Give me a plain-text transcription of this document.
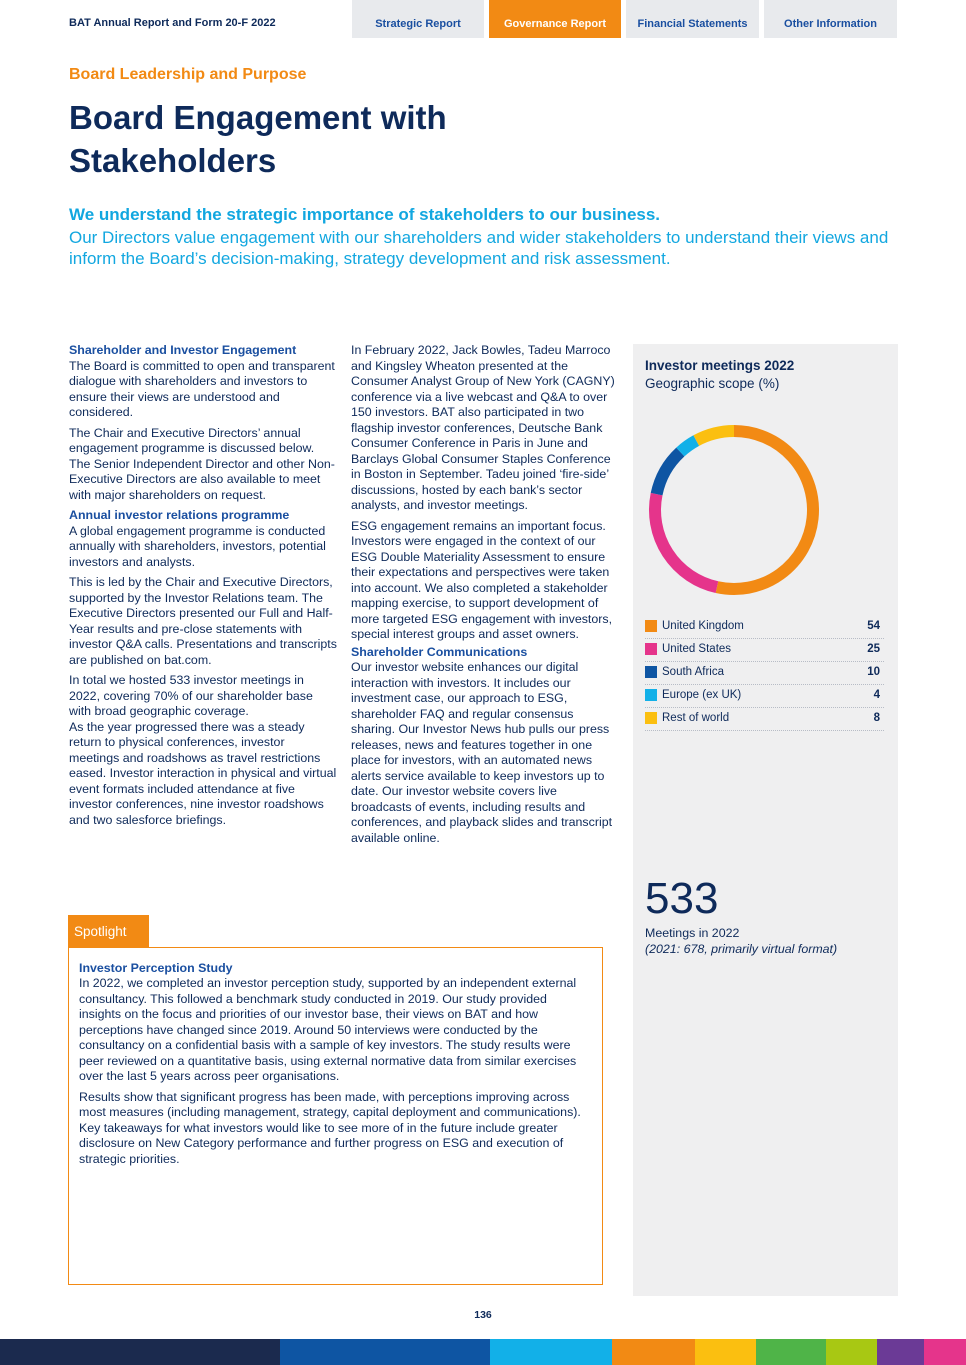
BAT Annual Report and Form 20-F 2022	Strategic Report	Governance Report	Financial Statements	Other Information
Board Leadership and Purpose
Board Engagement with Stakeholders
We understand the strategic importance of stakeholders to our business.
Our Directors value engagement with our shareholders and wider stakeholders to understand their views and inform the Board’s decision-making, strategy development and risk assessment.
Shareholder and Investor Engagement

The Board is committed to open and transparent dialogue with shareholders and investors to ensure their views are understood and considered.

The Chair and Executive Directors’ annual engagement programme is discussed below. The Senior Independent Director and other Non-Executive Directors are also available to meet with major shareholders on request.

Annual investor relations programme

A global engagement programme is conducted annually with shareholders, investors, potential investors and analysts.

This is led by the Chair and Executive Directors, supported by the Investor Relations team. The Executive Directors presented our Full and Half-Year results and pre-close statements with investor Q&A calls. Presentations and transcripts are published on bat.com.

In total we hosted 533 investor meetings in 2022, covering 70% of our shareholder base with broad geographic coverage.

As the year progressed there was a steady return to physical conferences, investor meetings and roadshows as travel restrictions eased. Investor interaction in physical and virtual event formats included attendance at five investor conferences, nine investor roadshows and two salesforce briefings.

In February 2022, Jack Bowles, Tadeu Marroco and Kingsley Wheaton presented at the Consumer Analyst Group of New York (CAGNY) conference via a live webcast and Q&A to over 150 investors. BAT also participated in two flagship investor conferences, Deutsche Bank Consumer Conference in Paris in June and Barclays Global Consumer Staples Conference in Boston in September. Tadeu joined ‘fire-side’ discussions, hosted by each bank’s sector analysts, and investor meetings.

ESG engagement remains an important focus. Investors were engaged in the context of our ESG Double Materiality Assessment to ensure their expectations and perspectives were taken into account. We also completed a stakeholder mapping exercise, to support development of more targeted ESG engagement with investors, special interest groups and asset owners.

Shareholder Communications

Our investor website enhances our digital interaction with investors. It includes our investment case, our approach to ESG, shareholder FAQ and regular consensus sharing. Our Investor News hub pulls our press releases, news and features together in one place for investors, with an automated news alerts service available to keep investors up to date. Our investor website covers live broadcasts of events, including results and conferences, and playback slides and transcript available online.

Investor meetings 2022
Geographic scope (%)
United Kingdom	54
United States	25
South Africa	10
Europe (ex UK)	4
Rest of world	8
533
Meetings in 2022
(2021: 678, primarily virtual format)
Spotlight
Investor Perception Study

In 2022, we completed an investor perception study, supported by an independent external consultancy. This followed a benchmark study conducted in 2019. Our study provided insights on the focus and priorities of our investor base, their views on BAT and how perceptions have changed since 2019. Around 50 interviews were conducted by the consultancy on a confidential basis with a sample of key investors. The study results were peer reviewed on a quantitative basis, using external normative data from similar exercises over the last 5 years across peer organisations.

Results show that significant progress has been made, with perceptions improving across most measures (including management, strategy, capital deployment and communications). Key takeaways for what investors would like to see more of in the future include greater disclosure on New Category performance and further progress on ESG and execution of strategic priorities.

136
